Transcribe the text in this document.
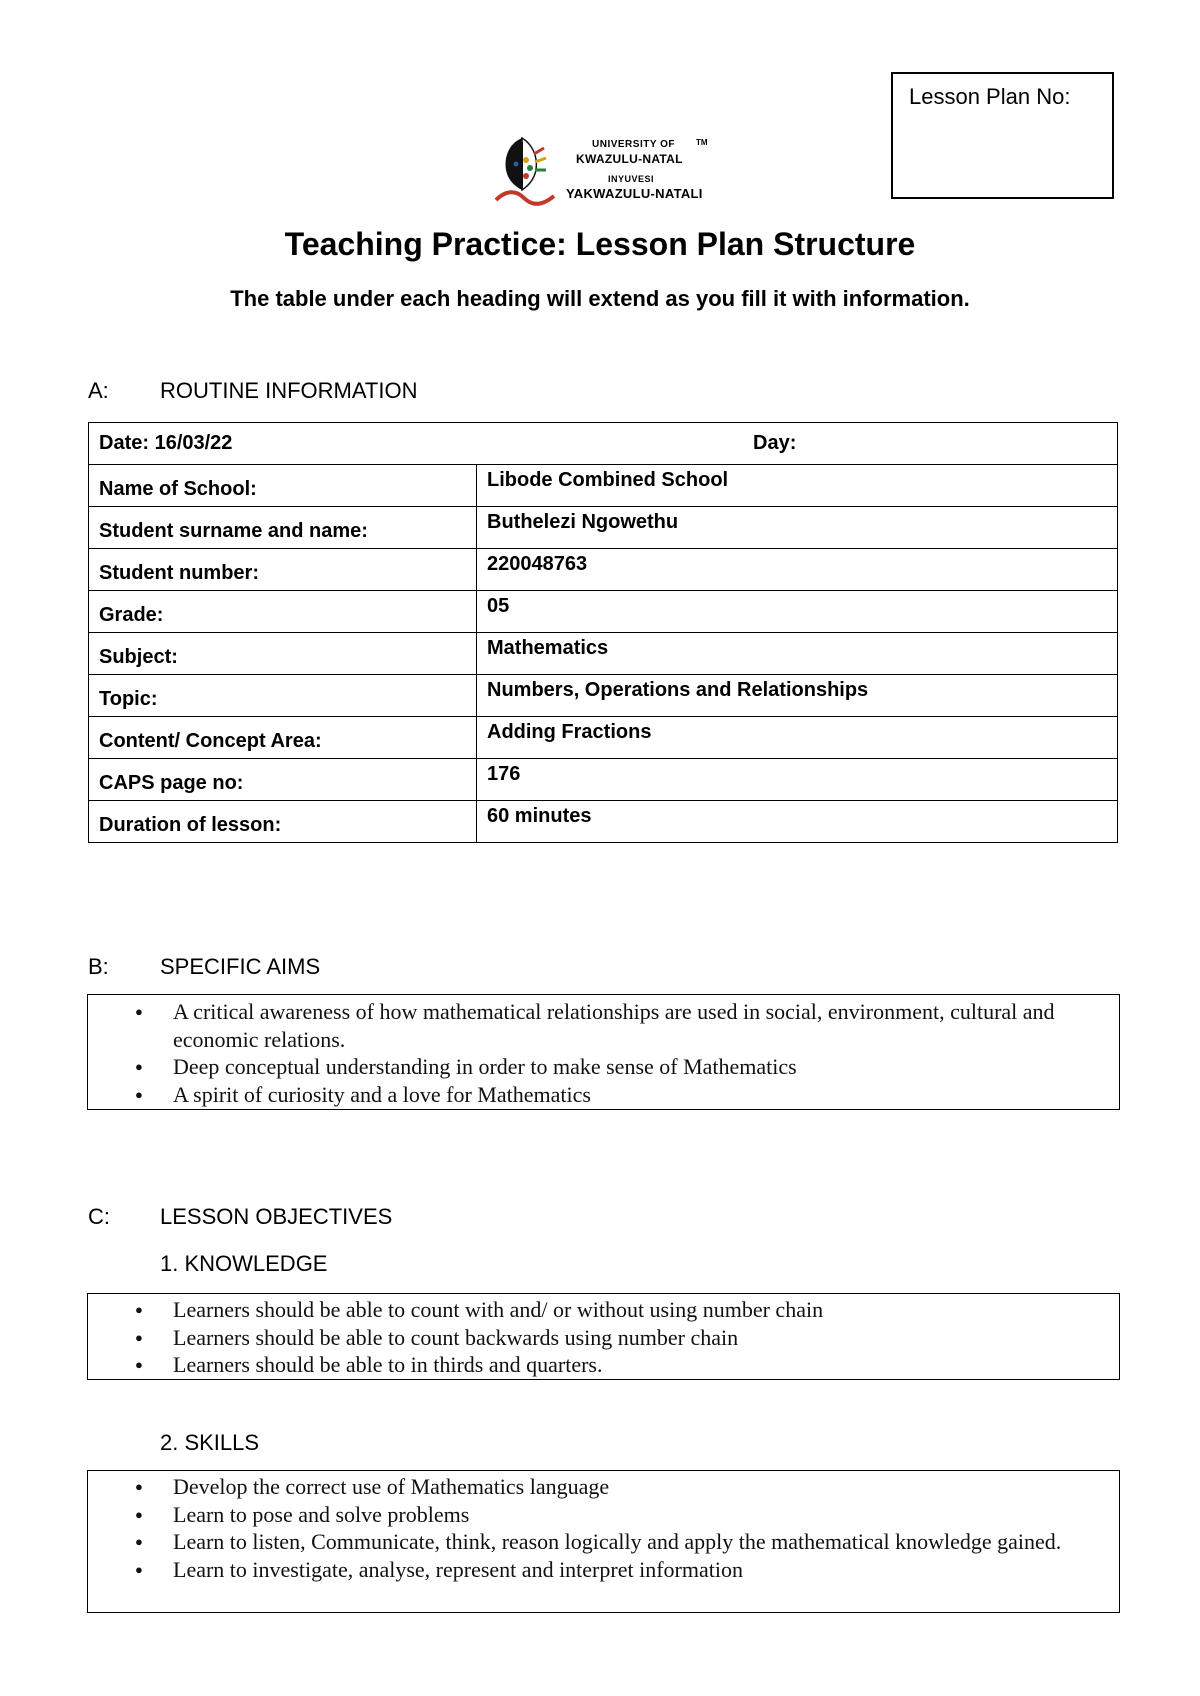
Lesson Plan No:
UNIVERSITY OF	TM
KWAZULU-NATAL
INYUVESI
YAKWAZULU-NATALI
Teaching Practice: Lesson Plan Structure
The table under each heading will extend as you fill it with information.
A: ROUTINE INFORMATION
Date: 16/03/22 Day:	

Name of School:	Libode Combined School
Student surname and name:	Buthelezi Ngowethu
Student number:	220048763
Grade:	05
Subject:	Mathematics
Topic:	Numbers, Operations and Relationships
Content/ Concept Area:	Adding Fractions
CAPS page no:	176
Duration of lesson:	60 minutes
B: SPECIFIC AIMS
● A critical awareness of how mathematical relationships are used in social, environment, cultural and economic relations.
● Deep conceptual understanding in order to make sense of Mathematics
● A spirit of curiosity and a love for Mathematics
C: LESSON OBJECTIVES
1. KNOWLEDGE
● Learners should be able to count with and/ or without using number chain
● Learners should be able to count backwards using number chain
● Learners should be able to in thirds and quarters.
2. SKILLS
● Develop the correct use of Mathematics language
● Learn to pose and solve problems
● Learn to listen, Communicate, think, reason logically and apply the mathematical knowledge gained.
● Learn to investigate, analyse, represent and interpret information
